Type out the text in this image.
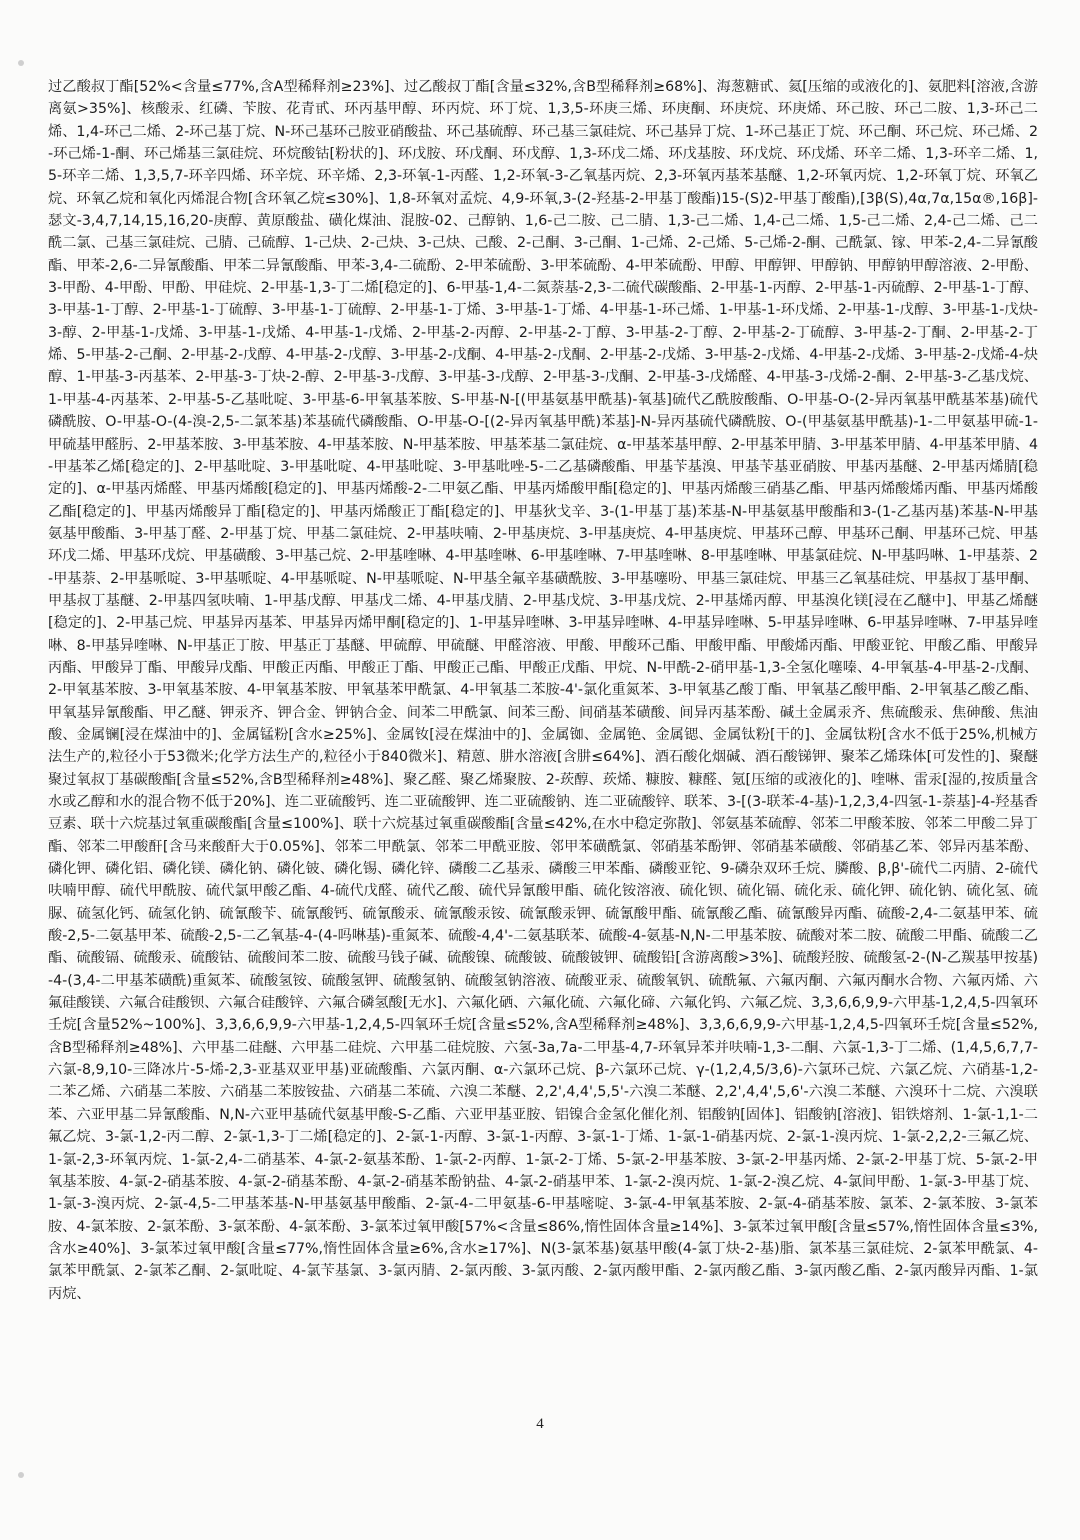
过乙酸叔丁酯[52%<含量≤77%,含A型稀释剂≥23%]、过乙酸叔丁酯[含量≤32%,含B型稀释剂≥68%]、海葱糖甙、氦[压缩的或液化的]、氨肥料[溶液,含游离氨>35%]、核酸汞、红磷、苄胺、花青甙、环丙基甲醇、环丙烷、环丁烷、1,3,5-环庚三烯、环庚酮、环庚烷、环庚烯、环己胺、环己二胺、1,3-环己二烯、1,4-环己二烯、2-环己基丁烷、N-环己基环己胺亚硝酸盐、环己基硫醇、环己基三氯硅烷、环己基异丁烷、1-环己基正丁烷、环己酮、环己烷、环己烯、2-环己烯-1-酮、环己烯基三氯硅烷、环烷酸钴[粉状的]、环戊胺、环戊酮、环戊醇、1,3-环戊二烯、环戊基胺、环戊烷、环戊烯、环辛二烯、1,3-环辛二烯、1,5-环辛二烯、1,3,5,7-环辛四烯、环辛烷、环辛烯、2,3-环氧-1-丙醛、1,2-环氧-3-乙氧基丙烷、2,3-环氧丙基苯基醚、1,2-环氧丙烷、1,2-环氧丁烷、环氧乙烷、环氧乙烷和氧化丙烯混合物[含环氧乙烷≤30%]、1,8-环氧对孟烷、4,9-环氧,3-(2-羟基-2-甲基丁酸酯)15-(S)2-甲基丁酸酯),[3β(S),4α,7α,15α®,16β]-瑟文-3,4,7,14,15,16,20-庚醇、黄原酸盐、磺化煤油、混胺-02、己醇钠、1,6-己二胺、己二腈、1,3-己二烯、1,4-己二烯、1,5-己二烯、2,4-己二烯、己二酰二氯、己基三氯硅烷、己腈、己硫醇、1-己炔、2-己炔、3-己炔、己酸、2-己酮、3-己酮、1-己烯、2-己烯、5-己烯-2-酮、己酰氯、镓、甲苯-2,4-二异氰酸酯、甲苯-2,6-二异氰酸酯、甲苯二异氰酸酯、甲苯-3,4-二硫酚、2-甲苯硫酚、3-甲苯硫酚、4-甲苯硫酚、甲醇、甲醇钾、甲醇钠、甲醇钠甲醇溶液、2-甲酚、3-甲酚、4-甲酚、甲酚、甲硅烷、2-甲基-1,3-丁二烯[稳定的]、6-甲基-1,4-二氮萘基-2,3-二硫代碳酸酯、2-甲基-1-丙醇、2-甲基-1-丙硫醇、2-甲基-1-丁醇、3-甲基-1-丁醇、2-甲基-1-丁硫醇、3-甲基-1-丁硫醇、2-甲基-1-丁烯、3-甲基-1-丁烯、4-甲基-1-环己烯、1-甲基-1-环戊烯、2-甲基-1-戊醇、3-甲基-1-戊炔-3-醇、2-甲基-1-戊烯、3-甲基-1-戊烯、4-甲基-1-戊烯、2-甲基-2-丙醇、2-甲基-2-丁醇、3-甲基-2-丁醇、2-甲基-2-丁硫醇、3-甲基-2-丁酮、2-甲基-2-丁烯、5-甲基-2-己酮、2-甲基-2-戊醇、4-甲基-2-戊醇、3-甲基-2-戊酮、4-甲基-2-戊酮、2-甲基-2-戊烯、3-甲基-2-戊烯、4-甲基-2-戊烯、3-甲基-2-戊烯-4-炔醇、1-甲基-3-丙基苯、2-甲基-3-丁炔-2-醇、2-甲基-3-戊醇、3-甲基-3-戊醇、2-甲基-3-戊酮、2-甲基-3-戊烯醛、4-甲基-3-戊烯-2-酮、2-甲基-3-乙基戊烷、1-甲基-4-丙基苯、2-甲基-5-乙基吡啶、3-甲基-6-甲氧基苯胺、S-甲基-N-[(甲基氨基甲酰基)-氧基]硫代乙酰胺酸酯、O-甲基-O-(2-异丙氧基甲酰基苯基)硫代磷酰胺、O-甲基-O-(4-溴-2,5-二氯苯基)苯基硫代磷酸酯、O-甲基-O-[(2-异丙氧基甲酰)苯基]-N-异丙基硫代磷酰胺、O-(甲基氨基甲酰基)-1-二甲氨基甲硫-1-甲硫基甲醛肟、2-甲基苯胺、3-甲基苯胺、4-甲基苯胺、N-甲基苯胺、甲基苯基二氯硅烷、α-甲基苯基甲醇、2-甲基苯甲腈、3-甲基苯甲腈、4-甲基苯甲腈、4-甲基苯乙烯[稳定的]、2-甲基吡啶、3-甲基吡啶、4-甲基吡啶、3-甲基吡唑-5-二乙基磷酸酯、甲基苄基溴、甲基苄基亚硝胺、甲基丙基醚、2-甲基丙烯腈[稳定的]、α-甲基丙烯醛、甲基丙烯酸[稳定的]、甲基丙烯酸-2-二甲氨乙酯、甲基丙烯酸甲酯[稳定的]、甲基丙烯酸三硝基乙酯、甲基丙烯酸烯丙酯、甲基丙烯酸乙酯[稳定的]、甲基丙烯酸异丁酯[稳定的]、甲基丙烯酸正丁酯[稳定的]、甲基狄戈辛、3-(1-甲基丁基)苯基-N-甲基氨基甲酸酯和3-(1-乙基丙基)苯基-N-甲基氨基甲酸酯、3-甲基丁醛、2-甲基丁烷、甲基二氯硅烷、2-甲基呋喃、2-甲基庚烷、3-甲基庚烷、4-甲基庚烷、甲基环己醇、甲基环己酮、甲基环己烷、甲基环戊二烯、甲基环戊烷、甲基磺酸、3-甲基己烷、2-甲基喹啉、4-甲基喹啉、6-甲基喹啉、7-甲基喹啉、8-甲基喹啉、甲基氯硅烷、N-甲基吗啉、1-甲基萘、2-甲基萘、2-甲基哌啶、3-甲基哌啶、4-甲基哌啶、N-甲基哌啶、N-甲基全氟辛基磺酰胺、3-甲基噻吩、甲基三氯硅烷、甲基三乙氧基硅烷、甲基叔丁基甲酮、甲基叔丁基醚、2-甲基四氢呋喃、1-甲基戊醇、甲基戊二烯、4-甲基戊腈、2-甲基戊烷、3-甲基戊烷、2-甲基烯丙醇、甲基溴化镁[浸在乙醚中]、甲基乙烯醚[稳定的]、2-甲基己烷、甲基异丙基苯、甲基异丙烯甲酮[稳定的]、1-甲基异喹啉、3-甲基异喹啉、4-甲基异喹啉、5-甲基异喹啉、6-甲基异喹啉、7-甲基异喹啉、8-甲基异喹啉、N-甲基正丁胺、甲基正丁基醚、甲硫醇、甲硫醚、甲醛溶液、甲酸、甲酸环己酯、甲酸甲酯、甲酸烯丙酯、甲酸亚铊、甲酸乙酯、甲酸异丙酯、甲酸异丁酯、甲酸异戊酯、甲酸正丙酯、甲酸正丁酯、甲酸正己酯、甲酸正戊酯、甲烷、N-甲酰-2-硝甲基-1,3-全氢化噻嗪、4-甲氧基-4-甲基-2-戊酮、2-甲氧基苯胺、3-甲氧基苯胺、4-甲氧基苯胺、甲氧基苯甲酰氯、4-甲氧基二苯胺-4'-氯化重氮苯、3-甲氧基乙酸丁酯、甲氧基乙酸甲酯、2-甲氧基乙酸乙酯、甲氧基异氰酸酯、甲乙醚、钾汞齐、钾合金、钾钠合金、间苯二甲酰氯、间苯三酚、间硝基苯磺酸、间异丙基苯酚、碱土金属汞齐、焦硫酸汞、焦砷酸、焦油酸、金属镧[浸在煤油中的]、金属锰粉[含水≥25%]、金属钕[浸在煤油中的]、金属铷、金属铯、金属锶、金属钛粉[干的]、金属钛粉[含水不低于25%,机械方法生产的,粒径小于53微米;化学方法生产的,粒径小于840微米]、精蒽、肼水溶液[含肼≤64%]、酒石酸化烟碱、酒石酸锑钾、聚苯乙烯珠体[可发性的]、聚醚聚过氧叔丁基碳酸酯[含量≤52%,含B型稀释剂≥48%]、聚乙醛、聚乙烯聚胺、2-莰醇、莰烯、糠胺、糠醛、氪[压缩的或液化的]、喹啉、雷汞[湿的,按质量含水或乙醇和水的混合物不低于20%]、连二亚硫酸钙、连二亚硫酸钾、连二亚硫酸钠、连二亚硫酸锌、联苯、3-[(3-联苯-4-基)-1,2,3,4-四氢-1-萘基]-4-羟基香豆素、联十六烷基过氧重碳酸酯[含量≤100%]、联十六烷基过氧重碳酸酯[含量≤42%,在水中稳定弥散]、邻氨基苯硫醇、邻苯二甲酸苯胺、邻苯二甲酸二异丁酯、邻苯二甲酸酐[含马来酸酐大于0.05%]、邻苯二甲酰氯、邻苯二甲酰亚胺、邻甲苯磺酰氯、邻硝基苯酚钾、邻硝基苯磺酸、邻硝基乙苯、邻异丙基苯酚、磷化钾、磷化铝、磷化镁、磷化钠、磷化铍、磷化锡、磷化锌、磷酸二乙基汞、磷酸三甲苯酯、磷酸亚铊、9-磷杂双环壬烷、膦酸、β,β'-硫代二丙腈、2-硫代呋喃甲醇、硫代甲酰胺、硫代氯甲酸乙酯、4-硫代戊醛、硫代乙酸、硫代异氰酸甲酯、硫化铵溶液、硫化钡、硫化镉、硫化汞、硫化钾、硫化钠、硫化氢、硫脲、硫氢化钙、硫氢化钠、硫氰酸苄、硫氰酸钙、硫氰酸汞、硫氰酸汞铵、硫氰酸汞钾、硫氰酸甲酯、硫氰酸乙酯、硫氰酸异丙酯、硫酸-2,4-二氨基甲苯、硫酸-2,5-二氨基甲苯、硫酸-2,5-二乙氧基-4-(4-吗啉基)-重氮苯、硫酸-4,4'-二氨基联苯、硫酸-4-氨基-N,N-二甲基苯胺、硫酸对苯二胺、硫酸二甲酯、硫酸二乙酯、硫酸镉、硫酸汞、硫酸钴、硫酸间苯二胺、硫酸马钱子碱、硫酸镍、硫酸铍、硫酸铍钾、硫酸铅[含游离酸>3%]、硫酸羟胺、硫酸氢-2-(N-乙羰基甲按基)-4-(3,4-二甲基苯磺酰)重氮苯、硫酸氢铵、硫酸氢钾、硫酸氢钠、硫酸氢钠溶液、硫酸亚汞、硫酸氧钒、硫酰氟、六氟丙酮、六氟丙酮水合物、六氟丙烯、六氟硅酸镁、六氟合硅酸钡、六氟合硅酸锌、六氟合磷氢酸[无水]、六氟化硒、六氟化硫、六氟化碲、六氟化钨、六氟乙烷、3,3,6,6,9,9-六甲基-1,2,4,5-四氧环壬烷[含量52%~100%]、3,3,6,6,9,9-六甲基-1,2,4,5-四氧环壬烷[含量≤52%,含A型稀释剂≥48%]、3,3,6,6,9,9-六甲基-1,2,4,5-四氧环壬烷[含量≤52%,含B型稀释剂≥48%]、六甲基二硅醚、六甲基二硅烷、六甲基二硅烷胺、六氢-3a,7a-二甲基-4,7-环氧异苯并呋喃-1,3-二酮、六氯-1,3-丁二烯、(1,4,5,6,7,7-六氯-8,9,10-三降冰片-5-烯-2,3-亚基双亚甲基)亚硫酸酯、六氯丙酮、α-六氯环己烷、β-六氯环己烷、γ-(1,2,4,5/3,6)-六氯环己烷、六氯乙烷、六硝基-1,2-二苯乙烯、六硝基二苯胺、六硝基二苯胺铵盐、六硝基二苯硫、六溴二苯醚、2,2',4,4',5,5'-六溴二苯醚、2,2',4,4',5,6'-六溴二苯醚、六溴环十二烷、六溴联苯、六亚甲基二异氰酸酯、N,N-六亚甲基硫代氨基甲酸-S-乙酯、六亚甲基亚胺、铝镍合金氢化催化剂、铝酸钠[固体]、铝酸钠[溶液]、铝铁熔剂、1-氯-1,1-二氟乙烷、3-氯-1,2-丙二醇、2-氯-1,3-丁二烯[稳定的]、2-氯-1-丙醇、3-氯-1-丙醇、3-氯-1-丁烯、1-氯-1-硝基丙烷、2-氯-1-溴丙烷、1-氯-2,2,2-三氟乙烷、1-氯-2,3-环氧丙烷、1-氯-2,4-二硝基苯、4-氯-2-氨基苯酚、1-氯-2-丙醇、1-氯-2-丁烯、5-氯-2-甲基苯胺、3-氯-2-甲基丙烯、2-氯-2-甲基丁烷、5-氯-2-甲氧基苯胺、4-氯-2-硝基苯胺、4-氯-2-硝基苯酚、4-氯-2-硝基苯酚钠盐、4-氯-2-硝基甲苯、1-氯-2-溴丙烷、1-氯-2-溴乙烷、4-氯间甲酚、1-氯-3-甲基丁烷、1-氯-3-溴丙烷、2-氯-4,5-二甲基苯基-N-甲基氨基甲酸酯、2-氯-4-二甲氨基-6-甲基嘧啶、3-氯-4-甲氧基苯胺、2-氯-4-硝基苯胺、氯苯、2-氯苯胺、3-氯苯胺、4-氯苯胺、2-氯苯酚、3-氯苯酚、4-氯苯酚、3-氯苯过氧甲酸[57%<含量≤86%,惰性固体含量≥14%]、3-氯苯过氧甲酸[含量≤57%,惰性固体含量≤3%,含水≥40%]、3-氯苯过氧甲酸[含量≤77%,惰性固体含量≥6%,含水≥17%]、N(3-氯苯基)氨基甲酸(4-氯丁炔-2-基)脂、氯苯基三氯硅烷、2-氯苯甲酰氯、4-氯苯甲酰氯、2-氯苯乙酮、2-氯吡啶、4-氯苄基氯、3-氯丙腈、2-氯丙酸、3-氯丙酸、2-氯丙酸甲酯、2-氯丙酸乙酯、3-氯丙酸乙酯、2-氯丙酸异丙酯、1-氯丙烷、

4
